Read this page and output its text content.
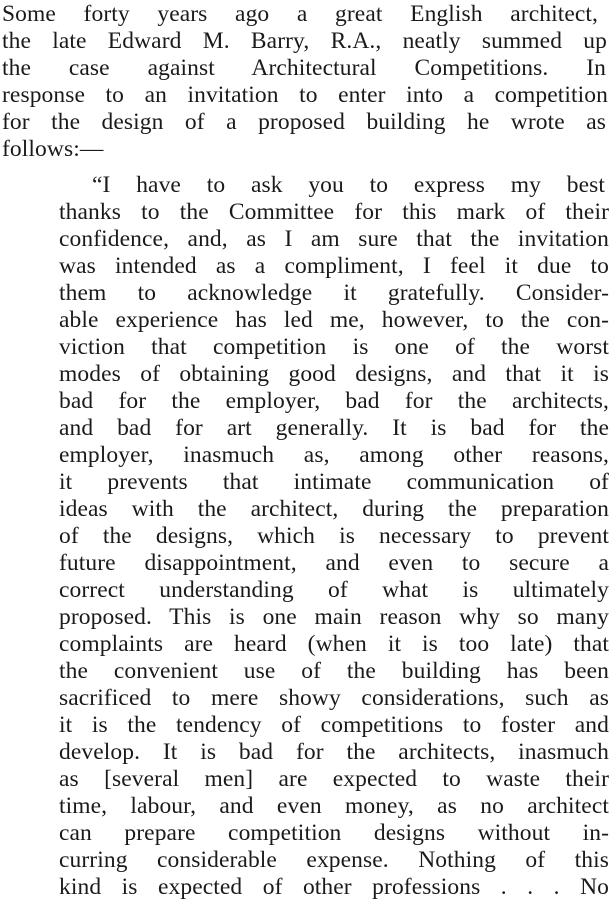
Some forty years ago a great English architect,
the late Edward M. Barry, R.A., neatly summed up
the case against Architectural Competitions. In
response to an invitation to enter into a competition
for the design of a proposed building he wrote as
follows:—
“I have to ask you to express my best
thanks to the Committee for this mark of their
confidence, and, as I am sure that the invitation
was intended as a compliment, I feel it due to
them to acknowledge it gratefully. Consider-
able experience has led me, however, to the con-
viction that competition is one of the worst
modes of obtaining good designs, and that it is
bad for the employer, bad for the architects,
and bad for art generally. It is bad for the
employer, inasmuch as, among other reasons,
it prevents that intimate communication of
ideas with the architect, during the preparation
of the designs, which is necessary to prevent
future disappointment, and even to secure a
correct understanding of what is ultimately
proposed. This is one main reason why so many
complaints are heard (when it is too late) that
the convenient use of the building has been
sacrificed to mere showy considerations, such as
it is the tendency of competitions to foster and
develop. It is bad for the architects, inasmuch
as [several men] are expected to waste their
time, labour, and even money, as no architect
can prepare competition designs without in-
curring considerable expense. Nothing of this
kind is expected of other professions . . . No
